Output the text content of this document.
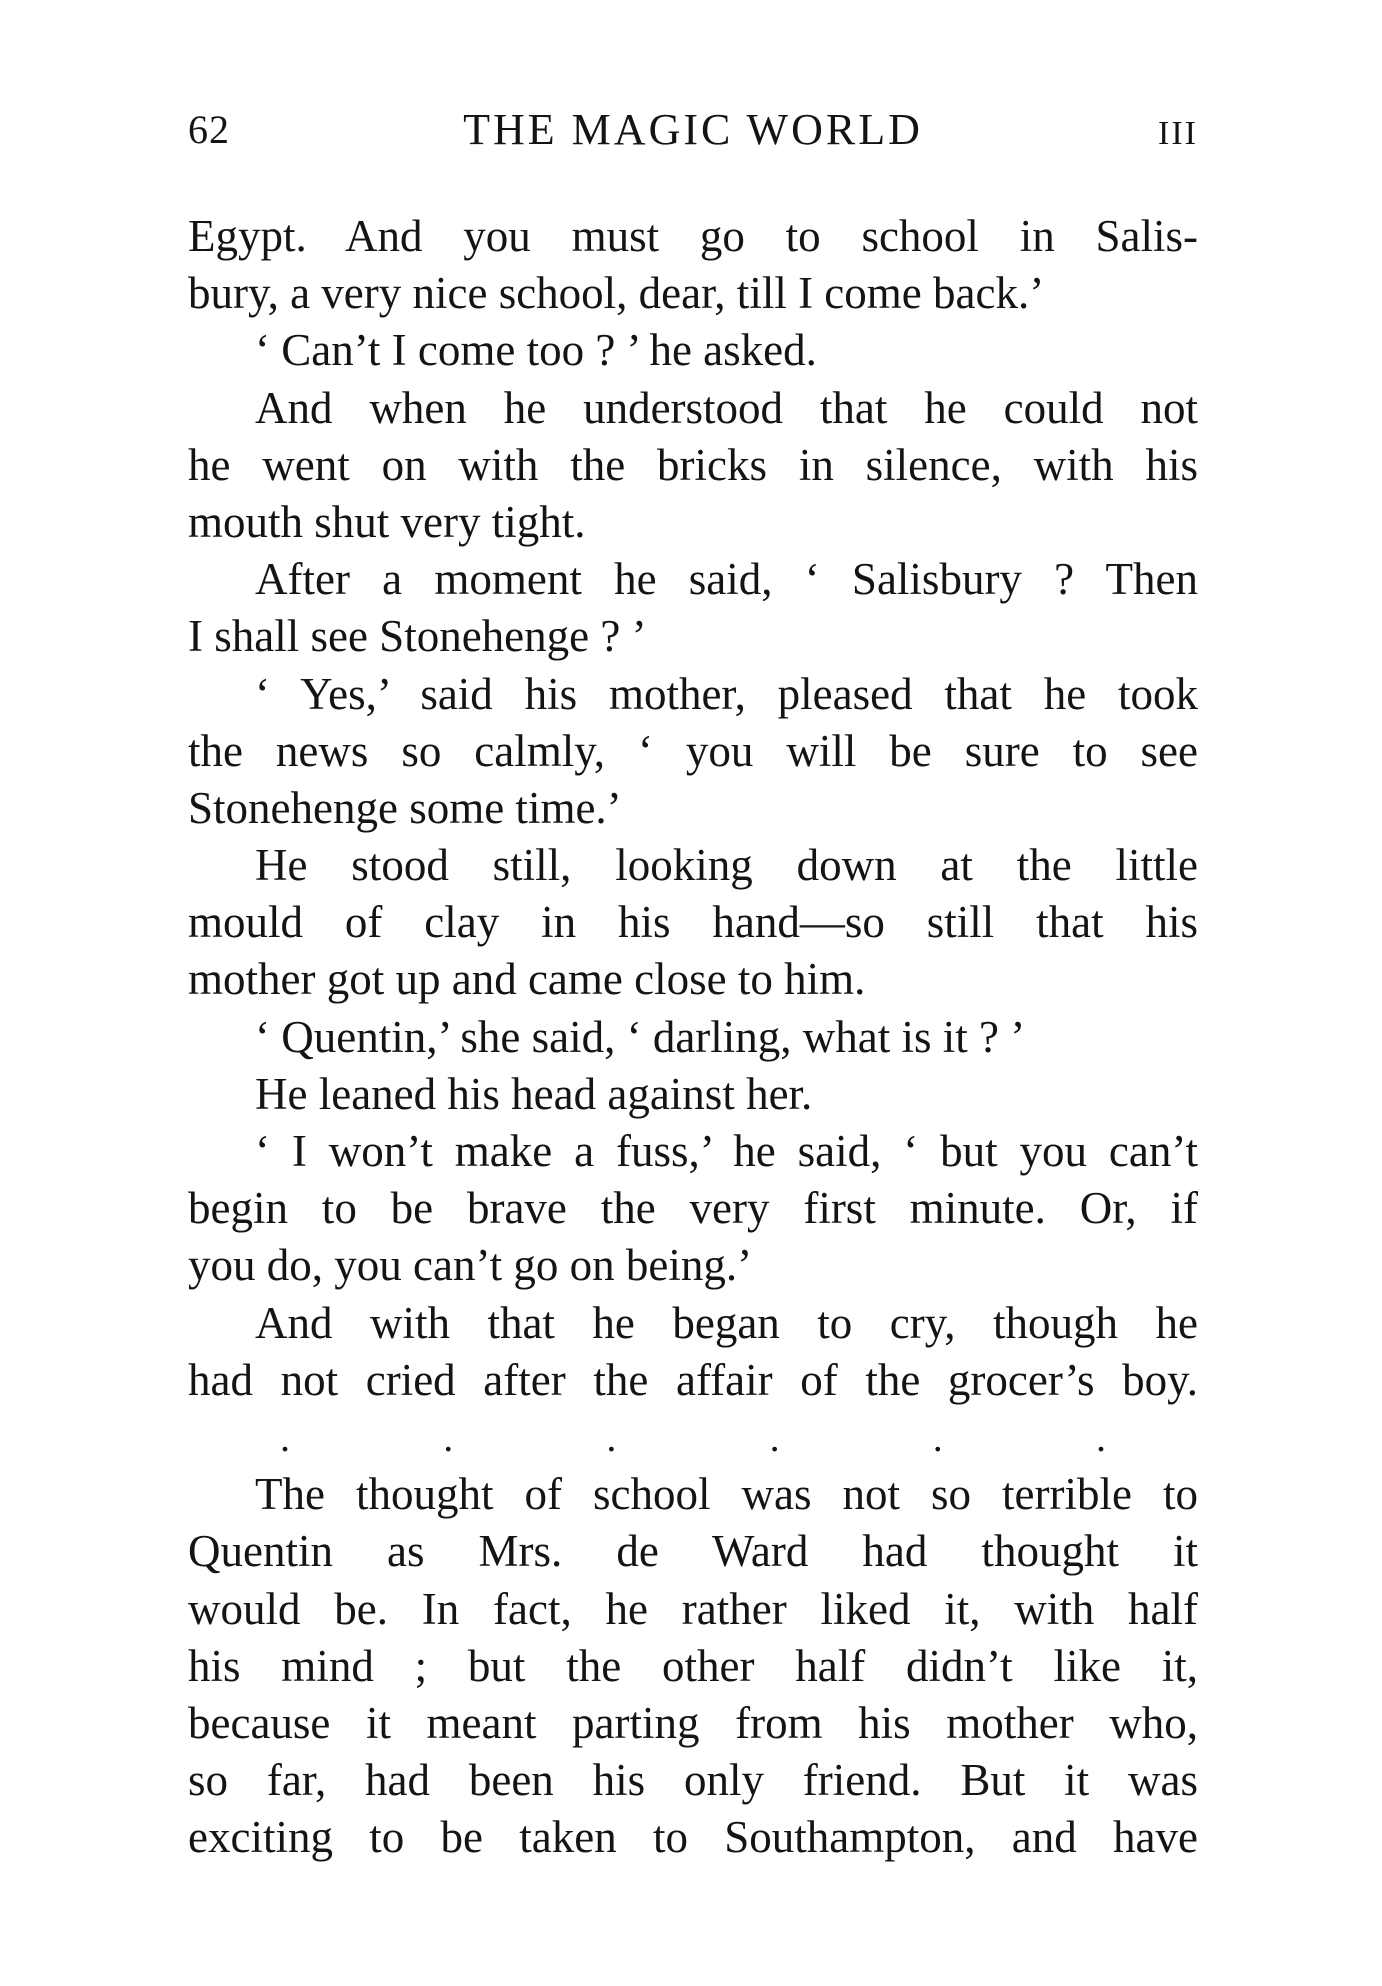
62	THE MAGIC WORLD	III
Egypt. And you must go to school in Salis-
bury, a very nice school, dear, till I come back.’
‘ Can’t I come too ? ’ he asked.
And when he understood that he could not
he went on with the bricks in silence, with his
mouth shut very tight.
After a moment he said, ‘ Salisbury ? Then
I shall see Stonehenge ? ’
‘ Yes,’ said his mother, pleased that he took
the news so calmly, ‘ you will be sure to see
Stonehenge some time.’
He stood still, looking down at the little
mould of clay in his hand—so still that his
mother got up and came close to him.
‘ Quentin,’ she said, ‘ darling, what is it ? ’
He leaned his head against her.
‘ I won’t make a fuss,’ he said, ‘ but you can’t
begin to be brave the very first minute. Or, if
you do, you can’t go on being.’
And with that he began to cry, though he
had not cried after the affair of the grocer’s boy.
.	.	.	.	.	.
The thought of school was not so terrible to
Quentin as Mrs. de Ward had thought it
would be. In fact, he rather liked it, with half
his mind ; but the other half didn’t like it,
because it meant parting from his mother who,
so far, had been his only friend. But it was
exciting to be taken to Southampton, and have
